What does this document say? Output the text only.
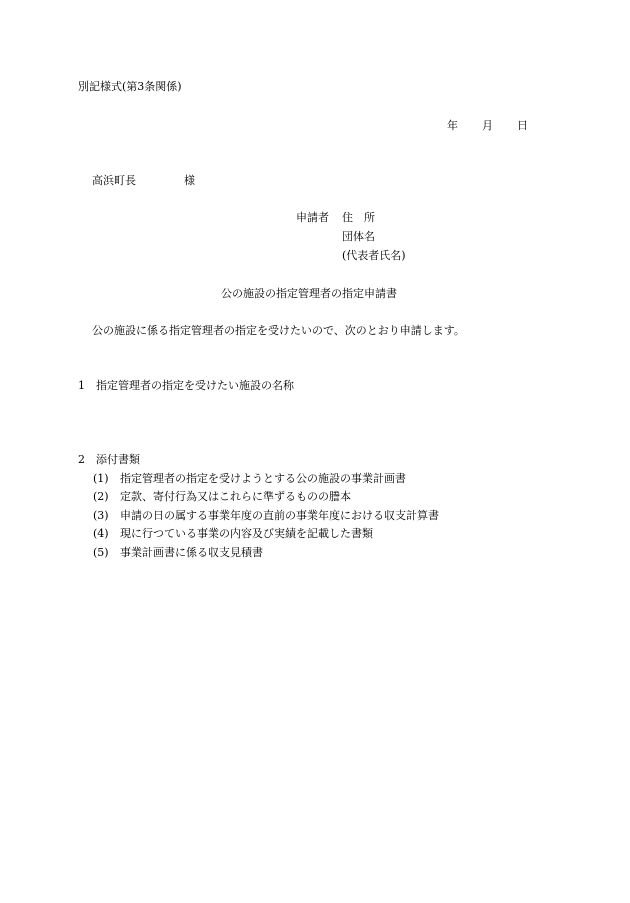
別記様式(第3条関係)
年 月 日
高浜町長	様
申請者 住　所
団体名
(代表者氏名)
公の施設の指定管理者の指定申請書
公の施設に係る指定管理者の指定を受けたいので、次のとおり申請します。
1 指定管理者の指定を受けたい施設の名称
2 添付書類
(1) 指定管理者の指定を受けようとする公の施設の事業計画書
(2) 定款、寄付行為又はこれらに準ずるものの謄本
(3) 申請の日の属する事業年度の直前の事業年度における収支計算書
(4) 現に行つている事業の内容及び実績を記載した書類
(5) 事業計画書に係る収支見積書
